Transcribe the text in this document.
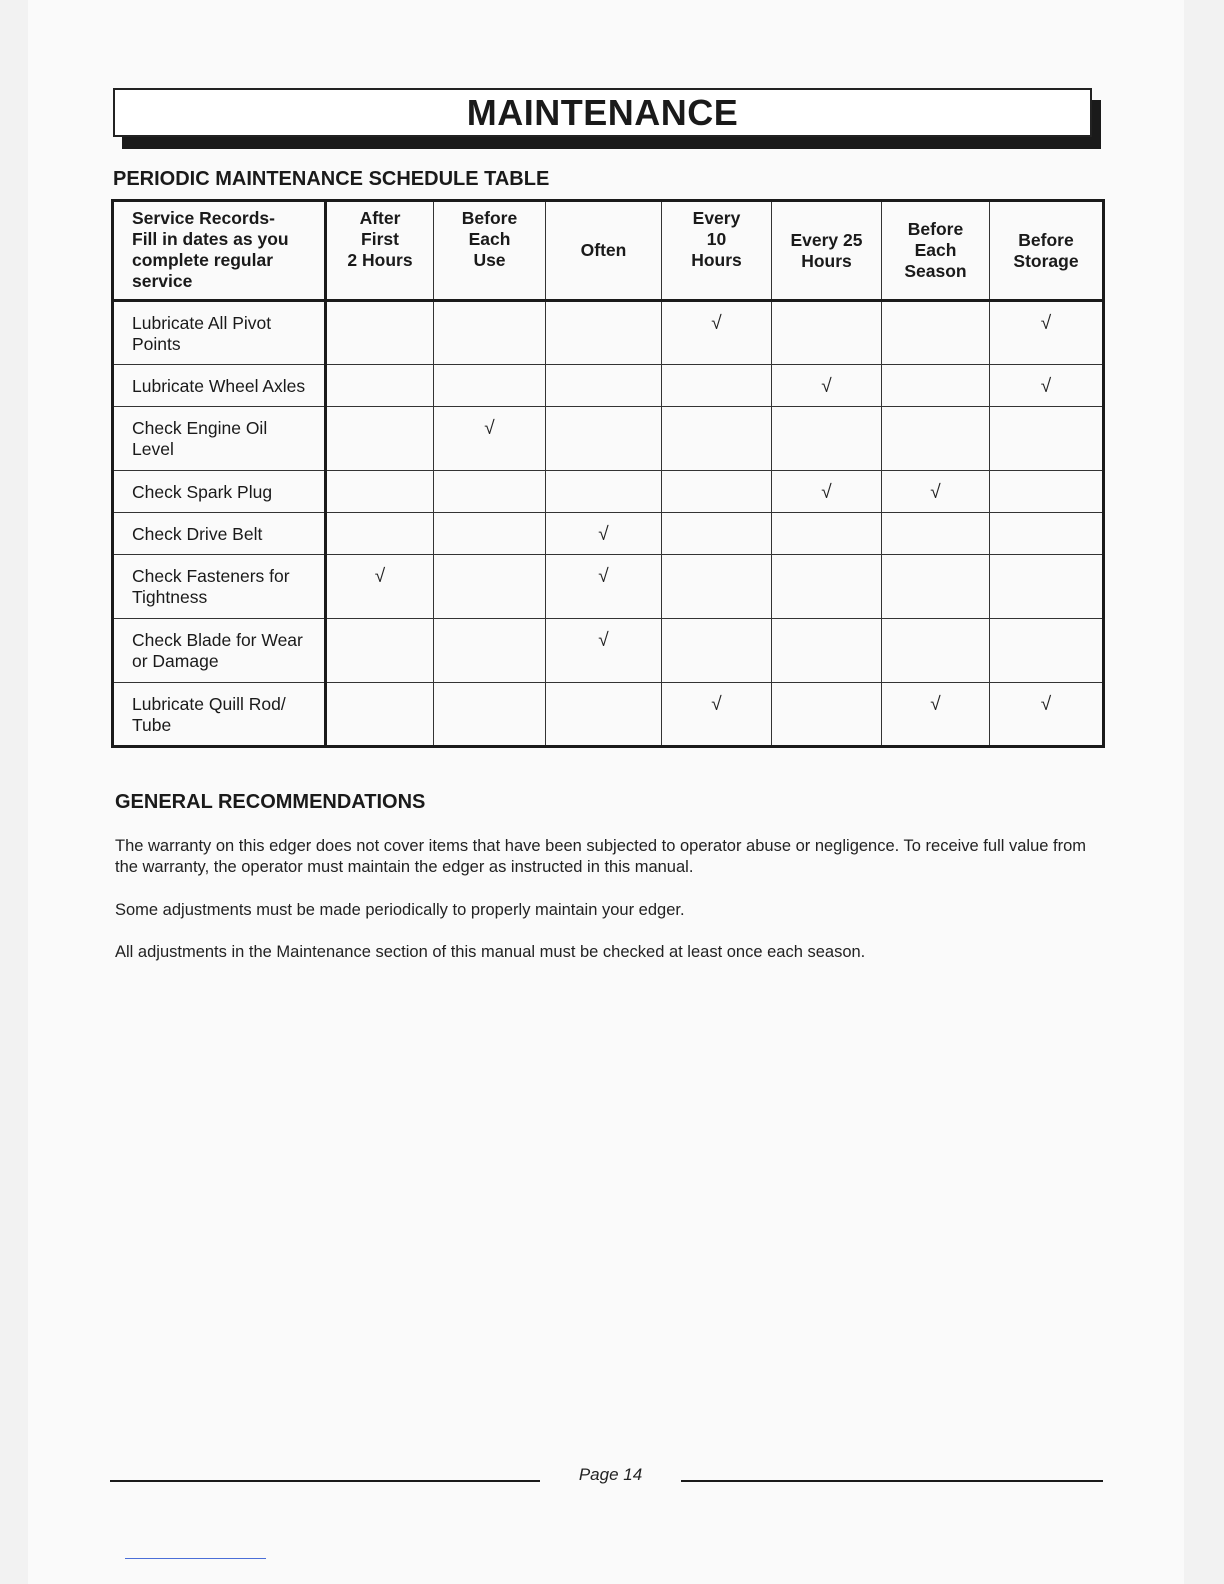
MAINTENANCE
PERIODIC MAINTENANCE SCHEDULE TABLE
Service Records-
Fill in dates as you
complete regular
service	After
First
2 Hours	Before
Each
Use	Often	Every
10
Hours	Every 25
Hours	Before
Each
Season	Before
Storage
Lubricate All Pivot
Points				√			√
Lubricate Wheel Axles					√		√
Check Engine Oil
Level		√					
Check Spark Plug					√	√	
Check Drive Belt			√				
Check Fasteners for
Tightness	√		√				
Check Blade for Wear
or Damage			√				
Lubricate Quill Rod/
Tube				√		√	√
GENERAL RECOMMENDATIONS

The warranty on this edger does not cover items that have been subjected to operator abuse or negligence. To receive full value from the warranty, the operator must maintain the edger as instructed in this manual.

Some adjustments must be made periodically to properly maintain your edger.

All adjustments in the Maintenance section of this manual must be checked at least once each season.

Page 14
